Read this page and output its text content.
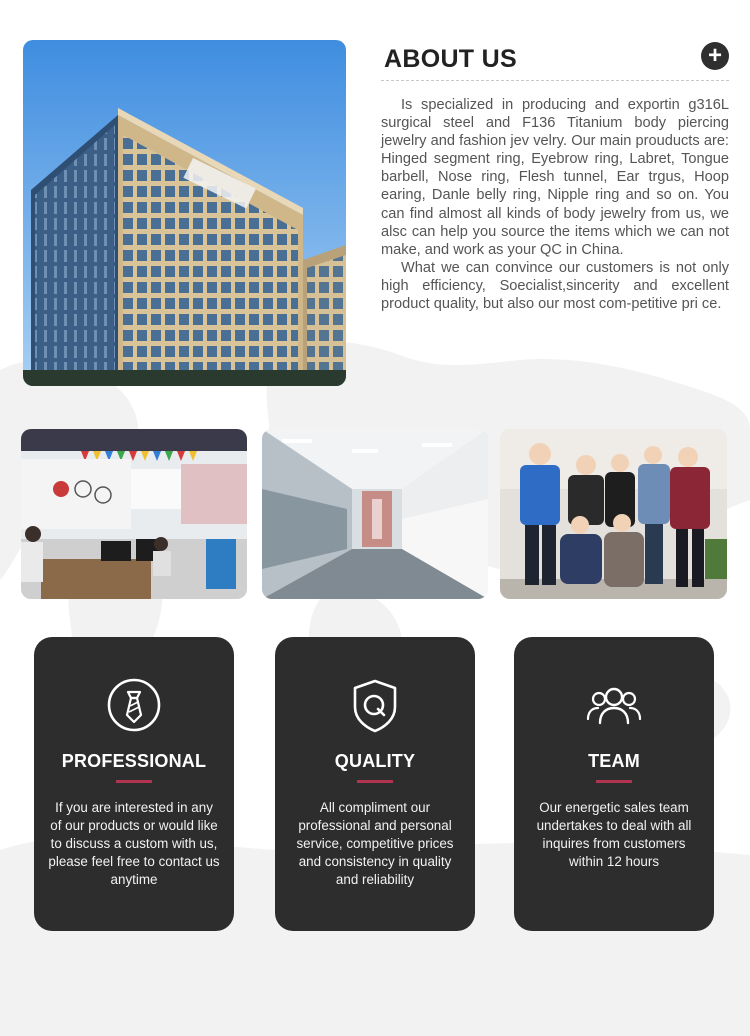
ABOUT US	+

Is specialized in producing and exportin g316L surgical steel and F136 Titanium body piercing jewelry and fashion jev velry. Our main prouducts are: Hinged segment ring, Eyebrow ring, Labret, Tongue barbell, Nose ring, Flesh tunnel, Ear trgus, Hoop earing, Danle belly ring, Nipple ring and so on. You can find almost all kinds of body jewelry from us, we alsc can help you source the items which we can not make, and work as your QC in China.

What we can convince our customers is not only high efficiency, Soecialist,sincerity and excellent product quality, but also our most com-petitive pri ce.

PROFESSIONAL
If you are interested in any of our products or would like to discuss a custom with us, please feel free to contact us anytime
QUALITY
All compliment our professional and personal service, competitive prices and consistency in quality and reliability
TEAM
Our energetic sales team undertakes to deal with all inquires from customers within 12 hours
